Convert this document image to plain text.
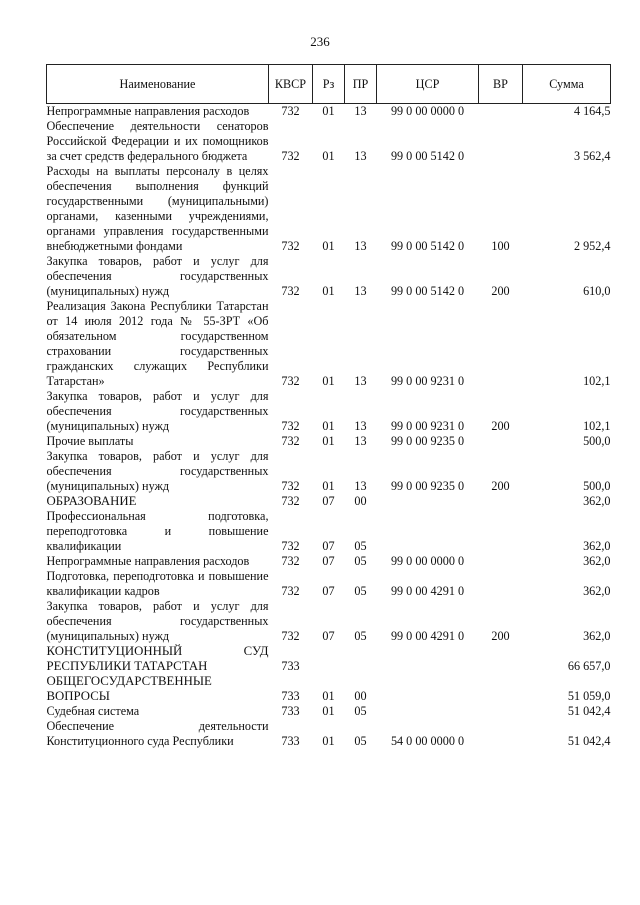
236
Наименование	КВСР	Рз	ПР	ЦСР	ВР	Сумма
Непрограммные направления расходов	732	01	13	99 0 00 0000 0		4 164,5
Обеспечение деятельности сенаторов Российской Федерации и их помощников за счет средств федерального бюджета	732	01	13	99 0 00 5142 0		3 562,4
Расходы на выплаты персоналу в целях обеспечения выполнения функций государственными (муниципальными) органами, казенными учреждениями, органами управления государственными внебюджетными фондами	732	01	13	99 0 00 5142 0	100	2 952,4
Закупка товаров, работ и услуг для обеспечения государственных (муниципальных) нужд	732	01	13	99 0 00 5142 0	200	610,0
Реализация Закона Республики Татарстан от 14 июля 2012 года № 55-ЗРТ «Об обязательном государственном страховании государственных гражданских служащих Республики Татарстан»	732	01	13	99 0 00 9231 0		102,1
Закупка товаров, работ и услуг для обеспечения государственных (муниципальных) нужд	732	01	13	99 0 00 9231 0	200	102,1
Прочие выплаты	732	01	13	99 0 00 9235 0		500,0
Закупка товаров, работ и услуг для обеспечения государственных (муниципальных) нужд	732	01	13	99 0 00 9235 0	200	500,0
ОБРАЗОВАНИЕ	732	07	00			362,0
Профессиональная подготовка, переподготовка и повышение квалификации	732	07	05			362,0
Непрограммные направления расходов	732	07	05	99 0 00 0000 0		362,0
Подготовка, переподготовка и повышение квалификации кадров	732	07	05	99 0 00 4291 0		362,0
Закупка товаров, работ и услуг для обеспечения государственных (муниципальных) нужд	732	07	05	99 0 00 4291 0	200	362,0
КОНСТИТУЦИОННЫЙ СУД РЕСПУБЛИКИ ТАТАРСТАН	733					66 657,0
ОБЩЕГОСУДАРСТВЕННЫЕ ВОПРОСЫ	733	01	00			51 059,0
Судебная система	733	01	05			51 042,4
Обеспечение деятельности Конституционного суда Республики	733	01	05	54 0 00 0000 0		51 042,4
